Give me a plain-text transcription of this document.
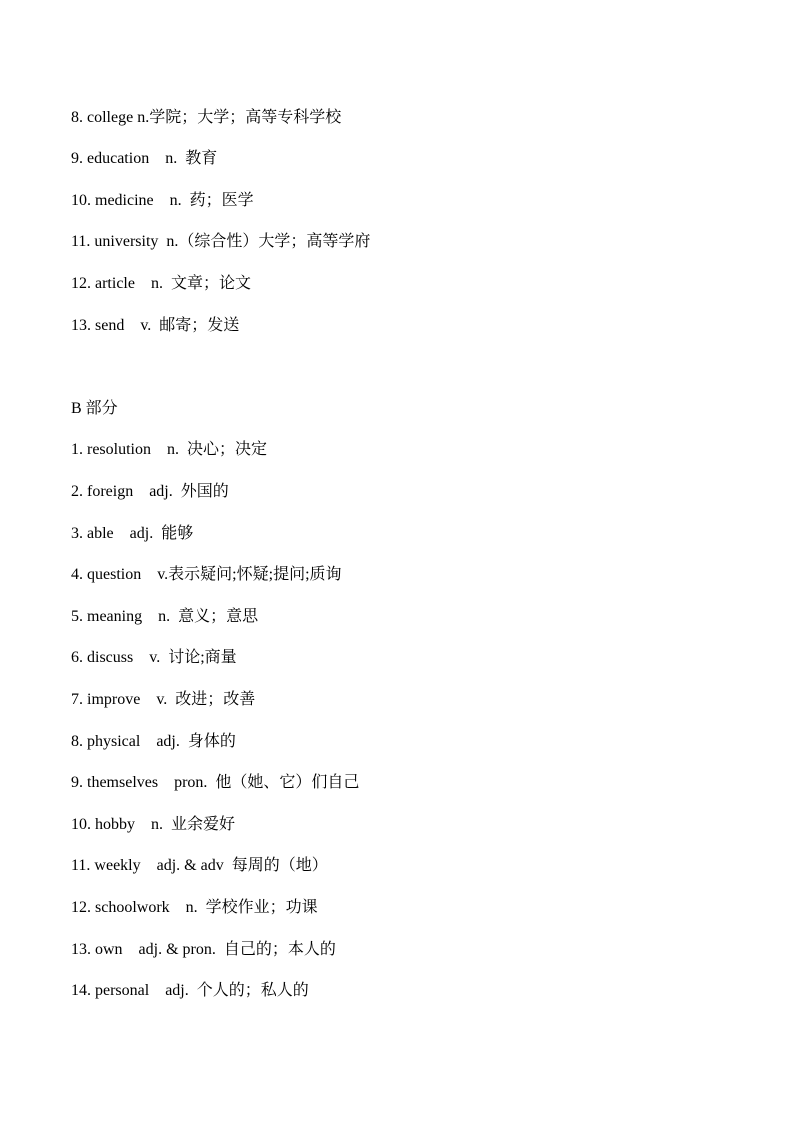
8. college n.学院；大学；高等专科学校
9. education    n.  教育
10. medicine    n.  药；医学
11. university  n.（综合性）大学；高等学府
12. article    n.  文章；论文
13. send    v.  邮寄；发送
B 部分
1. resolution    n.  决心；决定
2. foreign    adj.  外国的
3. able    adj.  能够
4. question    v.表示疑问;怀疑;提问;质询
5. meaning    n.  意义；意思
6. discuss    v.  讨论;商量
7. improve    v.  改进；改善
8. physical    adj.  身体的
9. themselves    pron.  他（她、它）们自己
10. hobby    n.  业余爱好
11. weekly    adj. & adv  每周的（地）
12. schoolwork    n.  学校作业；功课
13. own    adj. & pron.  自己的；本人的
14. personal    adj.  个人的；私人的
